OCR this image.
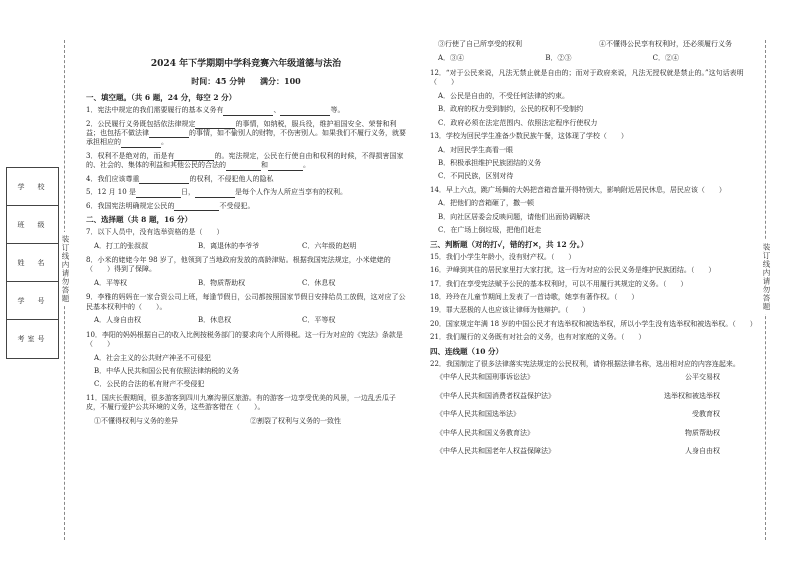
学　校
班　级
姓　名
学　号
考室号
装订线内请勿答题	装订线内请勿答题
2024 年下学期期中学科竞赛六年级道德与法治
时间：45 分钟 满分：100
一、填空题。（共 6 题，24 分，每空 2 分）
1．宪法中规定的我们需要履行的基本义务有	、	等。
2．公民履行义务既包括依法律规定	的事情，如纳税，服兵役，维护祖国安全、荣誉和利益；也包括不做法律	的事情，如不偷别人的财物，不伤害别人。如果我们不履行义务，就要承担相应的	。
3．权利不是绝对的，而是有	的。宪法规定，公民在行使自由和权利的时候，不得损害国家的、社会的、集体的利益和其他公民的合法的	和	。
4．我们应该尊重	的权利，不侵犯他人的隐私
5．12 月 10 是	日，	是每个人作为人所应当享有的权利。
6．我国宪法明确规定公民的	不受侵犯。
二、选择题（共 8 题，16 分）
7．以下人员中，没有选举资格的是（　　）
A．打工的张叔叔	B．离退休的李爷爷	C．六年级的赵明
8．小米的姥姥今年 98 岁了，他领到了当地政府发放的高龄津贴。根据我国宪法规定，小米姥姥的（　　）得到了保障。
A．平等权	B．物质帮助权	C．休息权
9．李雅的妈妈在一家合资公司上班，每逢节假日，公司都按照国家节假日安排给员工放假，这对应了公民基本权利中的（　　）。
A．人身自由权	B．休息权	C．平等权
10．李阳的妈妈根据自己的收入比例按税务部门的要求向个人所得税。这一行为对应的《宪法》条款是（　　）
A．社会主义的公共财产神圣不可侵犯
B．中华人民共和国公民有依照法律纳税的义务
C．公民的合法的私有财产不受侵犯
11．国庆长假期间，很多游客到四川九寨沟景区旅游。有的游客一边享受优美的风景，一边乱丢瓜子皮，不履行爱护公共环境的义务，这些游客错在（　　）。
①不懂得权利与义务的差异	②割裂了权利与义务的一致性
③行使了自己所享受的权利	④不懂得公民享有权利时，还必须履行义务
A．③④	B．②③	C．②④
12．“对于公民来说，凡法无禁止就是自由的；而对于政府来说，凡法无授权就是禁止的。”这句话表明（　　）
A．公民是自由的，不受任何法律的约束。
B．政府的权力受到制约，公民的权利不受制约
C．政府必须在法定范围内、依照法定程序行使权力
13．学校为回民学生准备少数民族午餐，这体现了学校（　　）
A．对回民学生高看一眼
B．积极承担维护民族团结的义务
C．不同民族，区别对待
14．早上六点，跳广场舞的大妈把音箱音量开得特别大，影响附近居民休息，居民应该（　　）
A．把他们的音箱砸了，撒一顿
B．向社区居委会反映问题，请他们出面协调解决
C．在广场上倒垃圾，把他们赶走
三、判断题（对的打✓，错的打✕，共 12 分。）
15．我们小学生年龄小，没有财产权。（　　）
16．尹峰到其住的居民家里打大家打扰，这一行为对应的公民义务是维护民族团结。（　　）
17．我们在享受宪法赋予公民的基本权利时，可以不用履行其规定的义务。（　　）
18．玲玲在儿童节期间上发表了一首诗歌，她享有著作权。（　　）
19．罪大恶极的人也应该让律师为他辩护。（　　）
20．国家规定年满 18 岁的中国公民才有选举权和被选举权，所以小学生没有选举权和被选举权。（　　）
21．我们履行的义务既有对社会的义务，也有对家庭的义务。（　　）
四、连线题（10 分）
22．我国制定了很多法律落实宪法规定的公民权利，请你根据法律名称，选出相对应的内容连起来。
《中华人民共和国刑事诉讼法》	公平交易权
《中华人民共和国消费者权益保护法》	选举权和被选举权
《中华人民共和国选举法》	受教育权
《中华人民共和国义务教育法》	物质帮助权
《中华人民共和国老年人权益保障法》	人身自由权
